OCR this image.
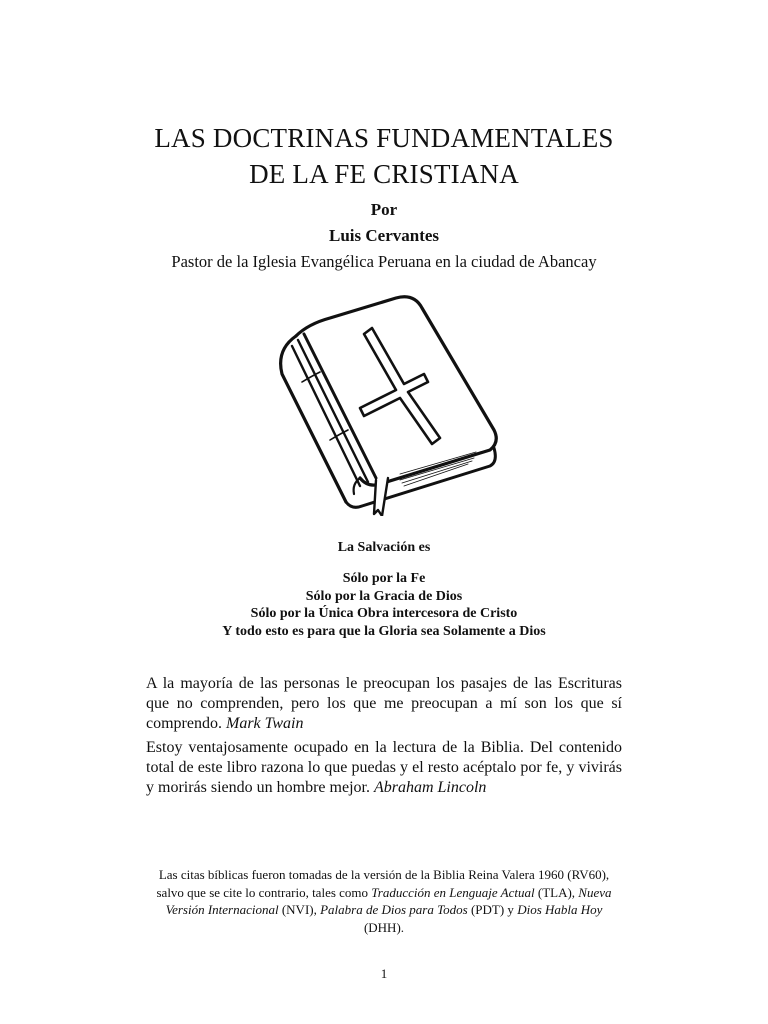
LAS DOCTRINAS FUNDAMENTALES
DE LA FE CRISTIANA
Por
Luis Cervantes
Pastor de la Iglesia Evangélica Peruana en la ciudad de Abancay
La Salvación es
Sólo por la Fe
Sólo por la Gracia de Dios
Sólo por la Única Obra intercesora de Cristo
Y todo esto es para que la Gloria sea Solamente a Dios

A la mayoría de las personas le preocupan los pasajes de las Escrituras que no comprenden, pero los que me preocupan a mí son los que sí comprendo. Mark Twain

Estoy ventajosamente ocupado en la lectura de la Biblia. Del contenido total de este libro razona lo que puedas y el resto acéptalo por fe, y vivirás y morirás siendo un hombre mejor. Abraham Lincoln

Las citas bíblicas fueron tomadas de la versión de la Biblia Reina Valera 1960 (RV60), salvo que se cite lo contrario, tales como Traducción en Lenguaje Actual (TLA), Nueva Versión Internacional (NVI), Palabra de Dios para Todos (PDT) y Dios Habla Hoy (DHH).

1
